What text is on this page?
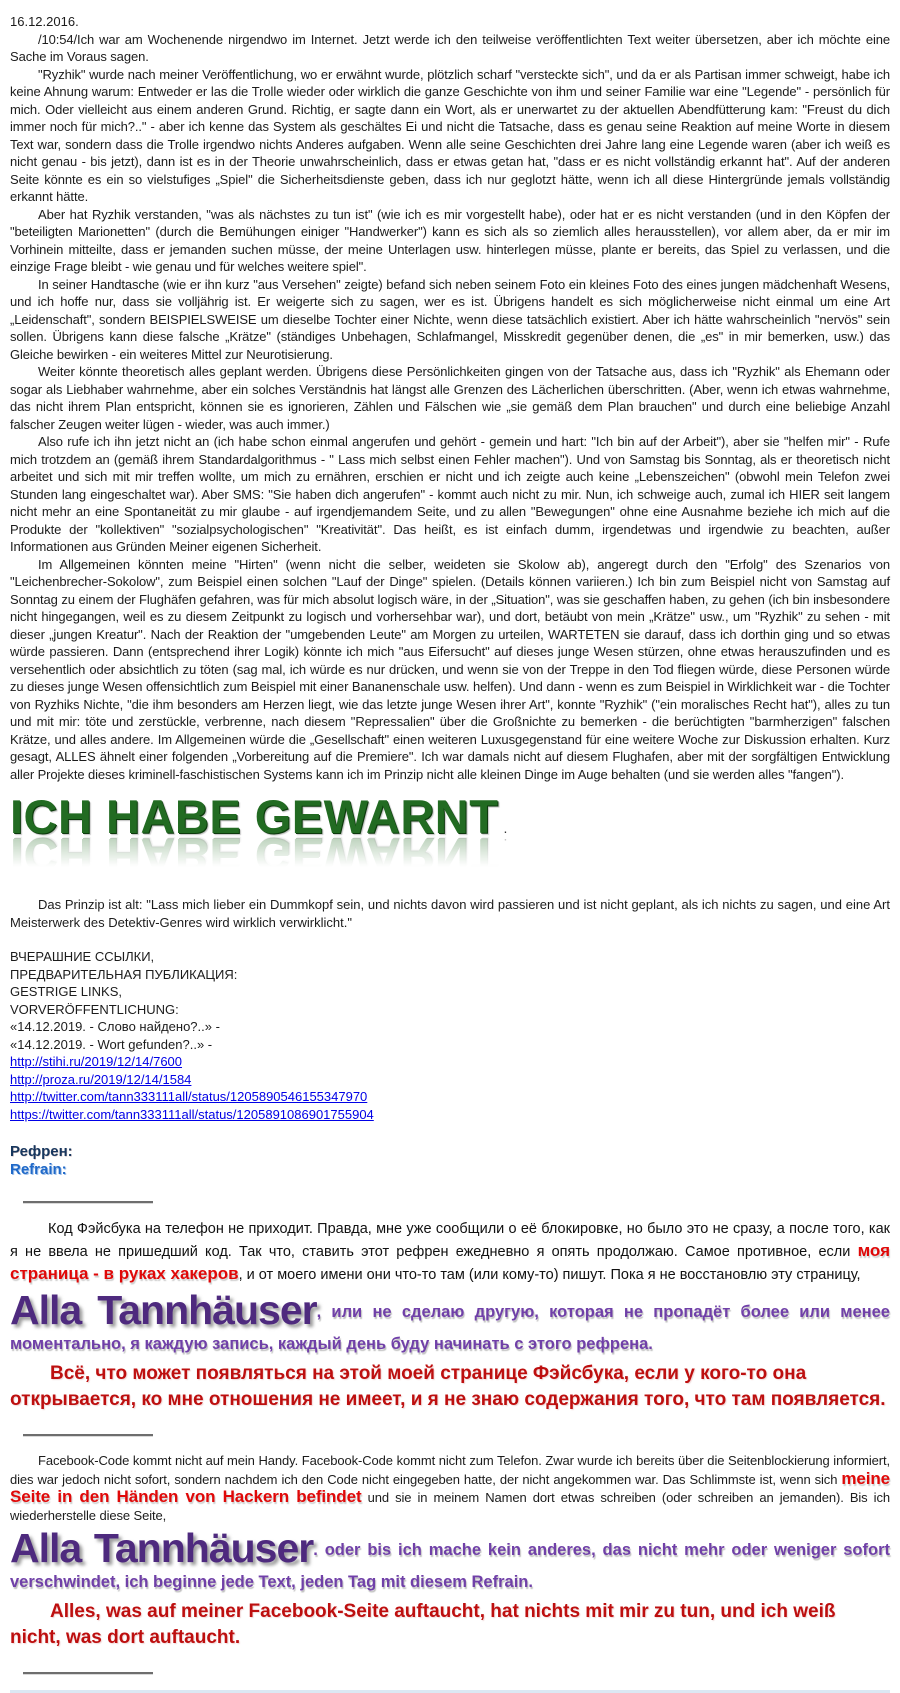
16.12.2016.

/10:54/Ich war am Wochenende nirgendwo im Internet. Jetzt werde ich den teilweise veröffentlichten Text weiter übersetzen, aber ich möchte eine Sache im Voraus sagen.

"Ryzhik" wurde nach meiner Veröffentlichung, wo er erwähnt wurde, plötzlich scharf "versteckte sich", und da er als Partisan immer schweigt, habe ich keine Ahnung warum: Entweder er las die Trolle wieder oder wirklich die ganze Geschichte von ihm und seiner Familie war eine "Legende" - persönlich für mich. Oder vielleicht aus einem anderen Grund. Richtig, er sagte dann ein Wort, als er unerwartet zu der aktuellen Abendfütterung kam: "Freust du dich immer noch für mich?.." - aber ich kenne das System als geschältes Ei und nicht die Tatsache, dass es genau seine Reaktion auf meine Worte in diesem Text war, sondern dass die Trolle irgendwo nichts Anderes aufgaben. Wenn alle seine Geschichten drei Jahre lang eine Legende waren (aber ich weiß es nicht genau - bis jetzt), dann ist es in der Theorie unwahrscheinlich, dass er etwas getan hat, "dass er es nicht vollständig erkannt hat". Auf der anderen Seite könnte es ein so vielstufiges „Spiel" die Sicherheitsdienste geben, dass ich nur geglotzt hätte, wenn ich all diese Hintergründe jemals vollständig erkannt hätte.

Aber hat Ryzhik verstanden, "was als nächstes zu tun ist" (wie ich es mir vorgestellt habe), oder hat er es nicht verstanden (und in den Köpfen der "beteiligten Marionetten" (durch die Bemühungen einiger "Handwerker") kann es sich als so ziemlich alles herausstellen), vor allem aber, da er mir im Vorhinein mitteilte, dass er jemanden suchen müsse, der meine Unterlagen usw. hinterlegen müsse, plante er bereits, das Spiel zu verlassen, und die einzige Frage bleibt - wie genau und für welches weitere spiel".

In seiner Handtasche (wie er ihn kurz "aus Versehen" zeigte) befand sich neben seinem Foto ein kleines Foto des eines jungen mädchenhaft Wesens, und ich hoffe nur, dass sie volljährig ist. Er weigerte sich zu sagen, wer es ist. Übrigens handelt es sich möglicherweise nicht einmal um eine Art „Leidenschaft", sondern BEISPIELSWEISE um dieselbe Tochter einer Nichte, wenn diese tatsächlich existiert. Aber ich hätte wahrscheinlich "nervös" sein sollen. Übrigens kann diese falsche „Krätze" (ständiges Unbehagen, Schlafmangel, Misskredit gegenüber denen, die „es" in mir bemerken, usw.) das Gleiche bewirken - ein weiteres Mittel zur Neurotisierung.

Weiter könnte theoretisch alles geplant werden. Übrigens diese Persönlichkeiten gingen von der Tatsache aus, dass ich "Ryzhik" als Ehemann oder sogar als Liebhaber wahrnehme, aber ein solches Verständnis hat längst alle Grenzen des Lächerlichen überschritten. (Aber, wenn ich etwas wahrnehme, das nicht ihrem Plan entspricht, können sie es ignorieren, Zählen und Fälschen wie „sie gemäß dem Plan brauchen" und durch eine beliebige Anzahl falscher Zeugen weiter lügen - wieder, was auch immer.)

Also rufe ich ihn jetzt nicht an (ich habe schon einmal angerufen und gehört - gemein und hart: "Ich bin auf der Arbeit"), aber sie "helfen mir" - Rufe mich trotzdem an (gemäß ihrem Standardalgorithmus - " Lass mich selbst einen Fehler machen"). Und von Samstag bis Sonntag, als er theoretisch nicht arbeitet und sich mit mir treffen wollte, um mich zu ernähren, erschien er nicht und ich zeigte auch keine „Lebenszeichen" (obwohl mein Telefon zwei Stunden lang eingeschaltet war). Aber SMS: "Sie haben dich angerufen" - kommt auch nicht zu mir. Nun, ich schweige auch, zumal ich HIER seit langem nicht mehr an eine Spontaneität zu mir glaube - auf irgendjemandem Seite, und zu allen "Bewegungen" ohne eine Ausnahme beziehe ich mich auf die Produkte der "kollektiven" "sozialpsychologischen" "Kreativität". Das heißt, es ist einfach dumm, irgendetwas und irgendwie zu beachten, außer Informationen aus Gründen Meiner eigenen Sicherheit.

Im Allgemeinen könnten meine "Hirten" (wenn nicht die selber, weideten sie Skolow ab), angeregt durch den "Erfolg" des Szenarios von "Leichenbrecher-Sokolow", zum Beispiel einen solchen "Lauf der Dinge" spielen. (Details können variieren.) Ich bin zum Beispiel nicht von Samstag auf Sonntag zu einem der Flughäfen gefahren, was für mich absolut logisch wäre, in der „Situation", was sie geschaffen haben, zu gehen (ich bin insbesondere nicht hingegangen, weil es zu diesem Zeitpunkt zu logisch und vorhersehbar war), und dort, betäubt von mein „Krätze" usw., um "Ryzhik" zu sehen - mit dieser „jungen Kreatur". Nach der Reaktion der "umgebenden Leute" am Morgen zu urteilen, WARTETEN sie darauf, dass ich dorthin ging und so etwas würde passieren. Dann (entsprechend ihrer Logik) könnte ich mich "aus Eifersucht" auf dieses junge Wesen stürzen, ohne etwas herauszufinden und es versehentlich oder absichtlich zu töten (sag mal, ich würde es nur drücken, und wenn sie von der Treppe in den Tod fliegen würde, diese Personen würde zu dieses junge Wesen offensichtlich zum Beispiel mit einer Bananenschale usw. helfen). Und dann - wenn es zum Beispiel in Wirklichkeit war - die Tochter von Ryzhiks Nichte, "die ihm besonders am Herzen liegt, wie das letzte junge Wesen ihrer Art", konnte "Ryzhik" ("ein moralisches Recht hat"), alles zu tun und mit mir: töte und zerstückle, verbrenne, nach diesem "Repressalien" über die Großnichte zu bemerken - die berüchtigten "barmherzigen" falschen Krätze, und alles andere. Im Allgemeinen würde die „Gesellschaft" einen weiteren Luxusgegenstand für eine weitere Woche zur Diskussion erhalten. Kurz gesagt, ALLES ähnelt einer folgenden „Vorbereitung auf die Premiere". Ich war damals nicht auf diesem Flughafen, aber mit der sorgfältigen Entwicklung aller Projekte dieses kriminell-faschistischen Systems kann ich im Prinzip nicht alle kleinen Dinge im Auge behalten (und sie werden alles "fangen").

ICH HABE GEWARNT .

Das Prinzip ist alt: "Lass mich lieber ein Dummkopf sein, und nichts davon wird passieren und ist nicht geplant, als ich nichts zu sagen, und eine Art Meisterwerk des Detektiv-Genres wird wirklich verwirklicht."

ВЧЕРАШНИЕ ССЫЛКИ,
ПРЕДВАРИТЕЛЬНАЯ ПУБЛИКАЦИЯ:
GESTRIGE LINKS,
VORVERÖFFENTLICHUNG:
«14.12.2019. - Слово найдено?..» -
«14.12.2019. - Wort gefunden?..» -
http://stihi.ru/2019/12/14/7600
http://proza.ru/2019/12/14/1584
http://twitter.com/tann333111all/status/1205890546155347970
https://twitter.com/tann333111all/status/1205891086901755904
Рефрен:
Refrain:

Код Фэйсбука на телефон не приходит. Правда, мне уже сообщили о её блокировке, но было это не сразу, а после того, как я не ввела не пришедший код. Так что, ставить этот рефрен ежедневно я опять продолжаю. Самое противное, если моя страница - в руках хакеров, и от моего имени они что-то там (или кому-то) пишут. Пока я не восстановлю эту страницу,

Alla Tannhäuser, или не сделаю другую, которая не пропадёт более или менее моментально, я каждую запись, каждый день буду начинать с этого рефрена.

Всё, что может появляться на этой моей странице Фэйсбука, если у кого-то она открывается, ко мне отношения не имеет, и я не знаю содержания того, что там появляется.

Facebook-Code kommt nicht auf mein Handy. Facebook-Code kommt nicht zum Telefon. Zwar wurde ich bereits über die Seitenblockierung informiert, dies war jedoch nicht sofort, sondern nachdem ich den Code nicht eingegeben hatte, der nicht angekommen war. Das Schlimmste ist, wenn sich meine Seite in den Händen von Hackern befindet und sie in meinem Namen dort etwas schreiben (oder schreiben an jemanden). Bis ich wiederherstelle diese Seite,

Alla Tannhäuser. oder bis ich mache kein anderes, das nicht mehr oder weniger sofort verschwindet, ich beginne jede Text, jeden Tag mit diesem Refrain.

Alles, was auf meiner Facebook-Seite auftaucht, hat nichts mit mir zu tun, und ich weiß nicht, was dort auftaucht.
